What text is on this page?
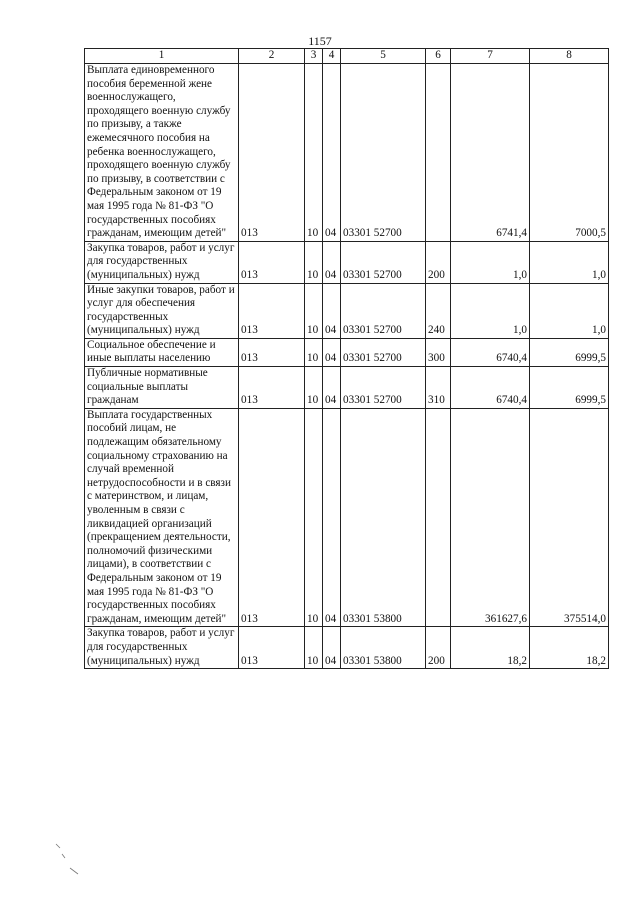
1157
1	2	3	4	5	6	7	8
Выплата единовременного пособия беременной жене военнослужащего, проходящего военную службу по призыву, а также ежемесячного пособия на ребенка военнослужащего, проходящего военную службу по призыву, в соответствии с Федеральным законом от 19 мая 1995 года № 81-ФЗ "О государственных пособиях гражданам, имеющим детей"	013	10	04	03301 52700		6741,4	7000,5
Закупка товаров, работ и услуг для государственных (муниципальных) нужд	013	10	04	03301 52700	200	1,0	1,0
Иные закупки товаров, работ и услуг для обеспечения государственных (муниципальных) нужд	013	10	04	03301 52700	240	1,0	1,0
Социальное обеспечение и иные выплаты населению	013	10	04	03301 52700	300	6740,4	6999,5
Публичные нормативные социальные выплаты гражданам	013	10	04	03301 52700	310	6740,4	6999,5
Выплата государственных пособий лицам, не подлежащим обязательному социальному страхованию на случай временной нетрудоспособности и в связи с материнством, и лицам, уволенным в связи с ликвидацией организаций (прекращением деятельности, полномочий физическими лицами), в соответствии с Федеральным законом от 19 мая 1995 года № 81-ФЗ "О государственных пособиях гражданам, имеющим детей"	013	10	04	03301 53800		361627,6	375514,0
Закупка товаров, работ и услуг для государственных (муниципальных) нужд	013	10	04	03301 53800	200	18,2	18,2
